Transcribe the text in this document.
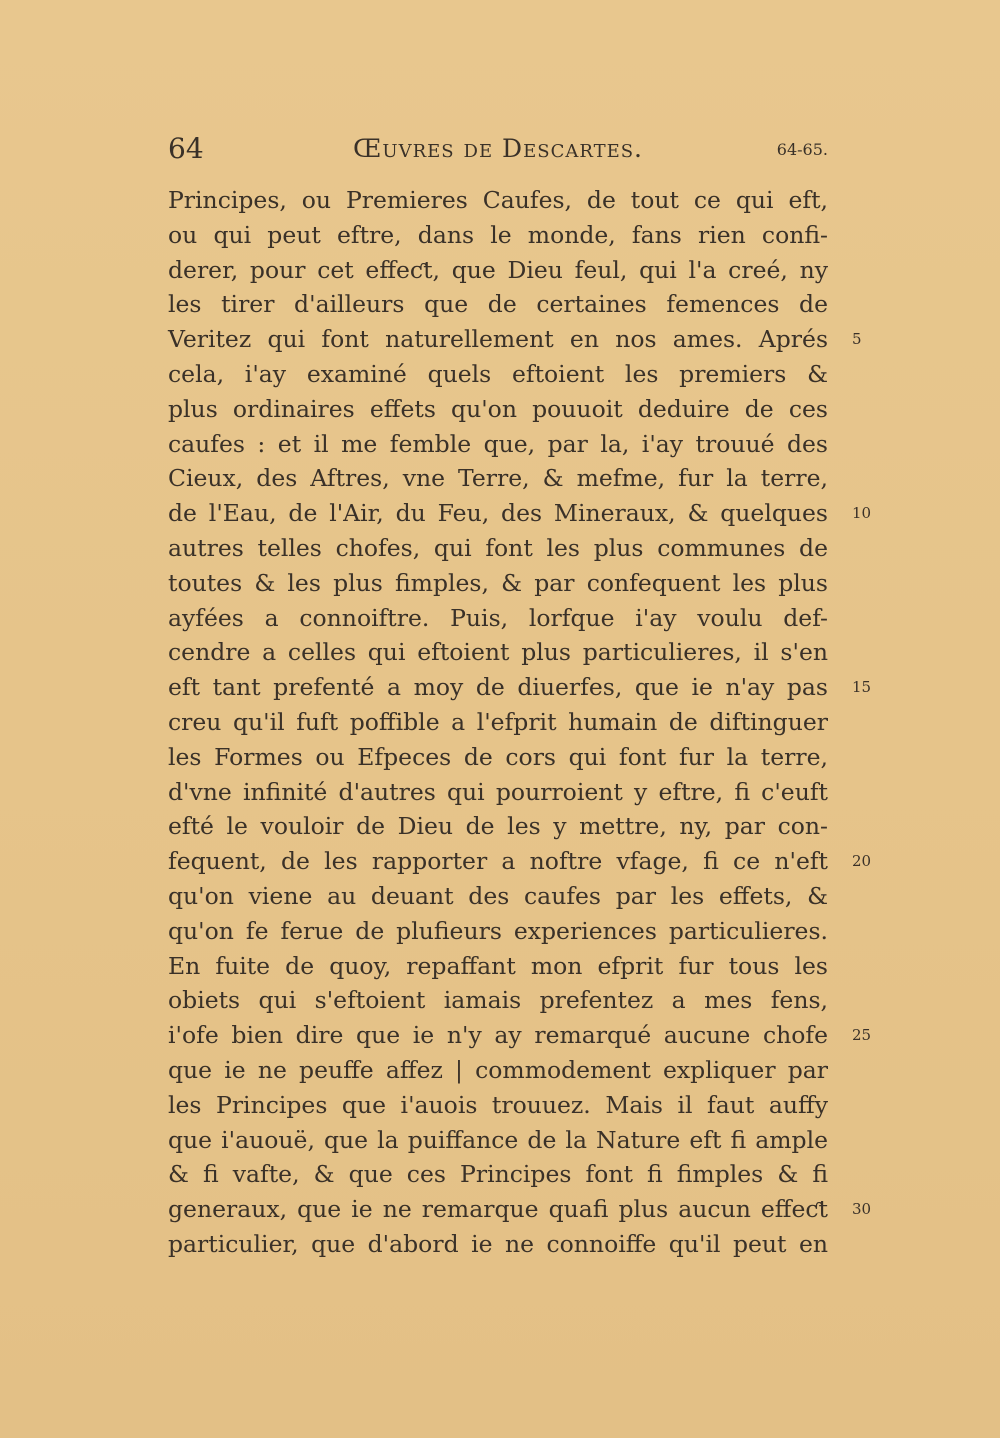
64	Œuvres de Descartes.	64-65.
Principes, ou Premieres Caufes, de tout ce qui eft,
ou qui peut eftre, dans le monde, fans rien confi-
derer, pour cet effeƈt, que Dieu feul, qui l'a creé, ny
les tirer d'ailleurs que de certaines femences de
Veritez qui font naturellement en nos ames. Aprés
cela, i'ay examiné quels eftoient les premiers &
plus ordinaires effets qu'on pouuoit deduire de ces
caufes : et il me femble que, par la, i'ay trouué des
Cieux, des Aftres, vne Terre, & mefme, fur la terre,
de l'Eau, de l'Air, du Feu, des Mineraux, & quelques
autres telles chofes, qui font les plus communes de
toutes & les plus fimples, & par confequent les plus
ayfées a connoiftre. Puis, lorfque i'ay voulu def-
cendre a celles qui eftoient plus particulieres, il s'en
eft tant prefenté a moy de diuerfes, que ie n'ay pas
creu qu'il fuft poffible a l'efprit humain de diftinguer
les Formes ou Efpeces de cors qui font fur la terre,
d'vne infinité d'autres qui pourroient y eftre, fi c'euft
efté le vouloir de Dieu de les y mettre, ny, par con-
fequent, de les rapporter a noftre vfage, fi ce n'eft
qu'on viene au deuant des caufes par les effets, &
qu'on fe ferue de plufieurs experiences particulieres.
En fuite de quoy, repaffant mon efprit fur tous les
obiets qui s'eftoient iamais prefentez a mes fens,
i'ofe bien dire que ie n'y ay remarqué aucune chofe
que ie ne peuffe affez | commodement expliquer par
les Principes que i'auois trouuez. Mais il faut auffy
que i'auouë, que la puiffance de la Nature eft fi ample
& fi vafte, & que ces Principes font fi fimples & fi
generaux, que ie ne remarque quafi plus aucun effeƈt
particulier, que d'abord ie ne connoiffe qu'il peut en
5
10
15
20
25
30
